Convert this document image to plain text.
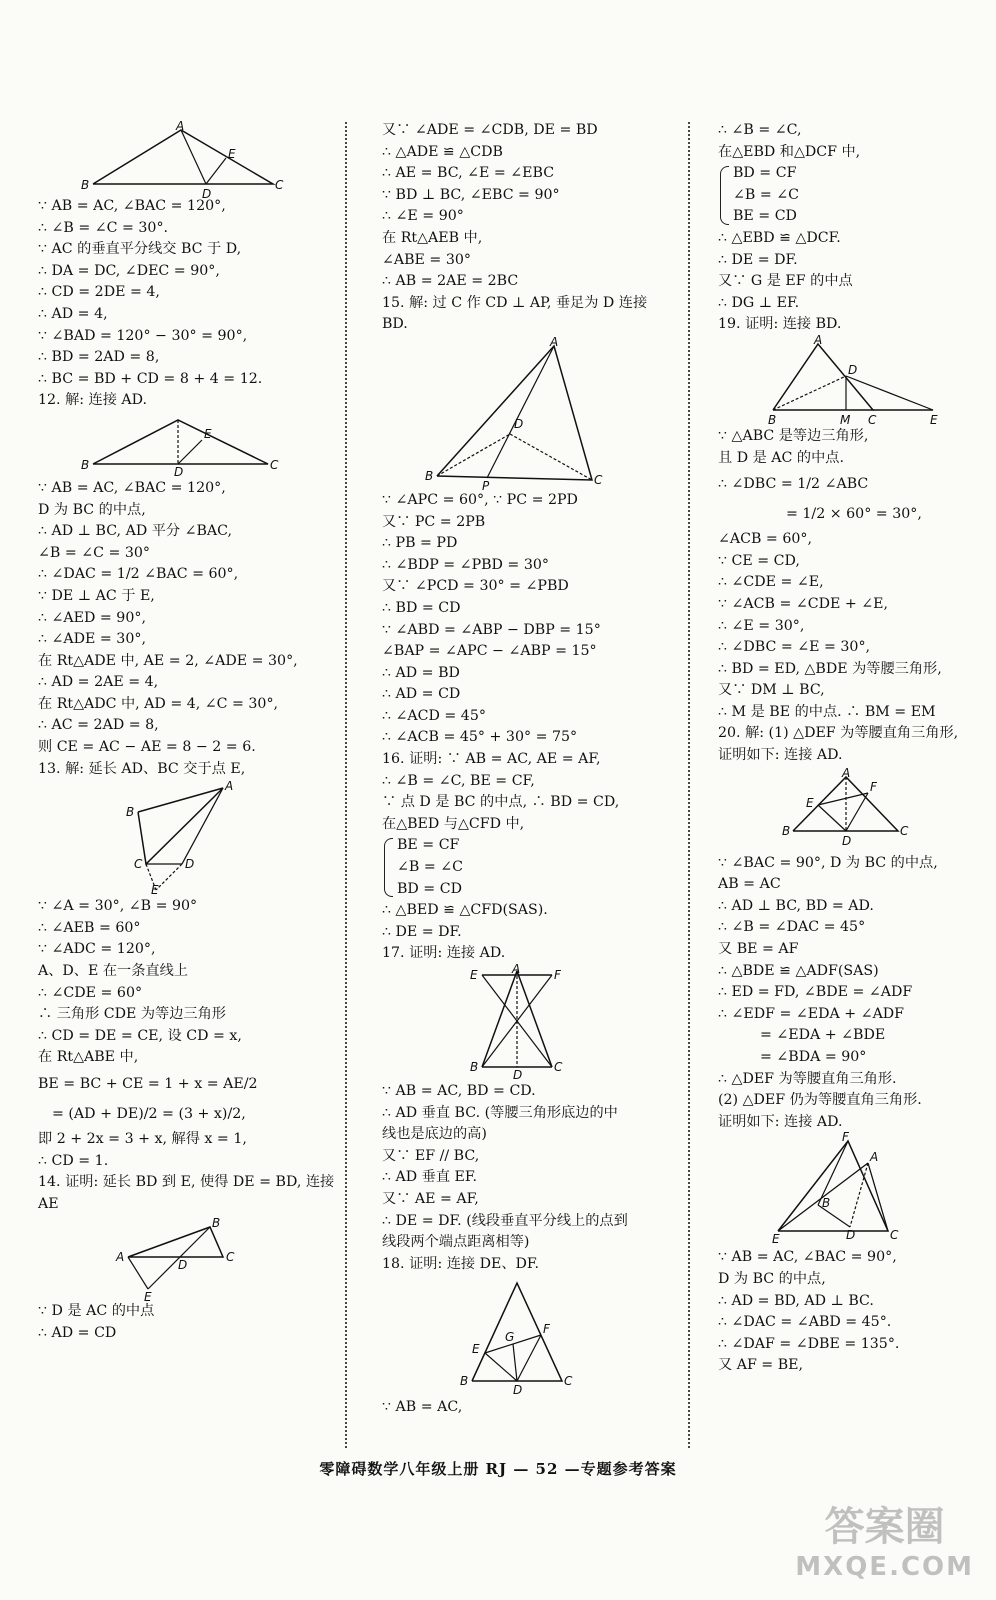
A
B	C
D
E
∵ AB = AC, ∠BAC = 120°,
∴ ∠B = ∠C = 30°.
∵ AC 的垂直平分线交 BC 于 D,
∴ DA = DC, ∠DEC = 90°,
∴ CD = 2DE = 4,
∴ AD = 4,
∵ ∠BAD = 120° − 30° = 90°,
∴ BD = 2AD = 8,
∴ BC = BD + CD = 8 + 4 = 12.
12. 解: 连接 AD.
B	C
D
E
∵ AB = AC, ∠BAC = 120°,
D 为 BC 的中点,
∴ AD ⊥ BC, AD 平分 ∠BAC,
∠B = ∠C = 30°
∴ ∠DAC = 1/2 ∠BAC = 60°,
∵ DE ⊥ AC 于 E,
∴ ∠AED = 90°,
∴ ∠ADE = 30°,
在 Rt△ADE 中, AE = 2, ∠ADE = 30°,
∴ AD = 2AE = 4,
在 Rt△ADC 中, AD = 4, ∠C = 30°,
∴ AC = 2AD = 8,
则 CE = AC − AE = 8 − 2 = 6.
13. 解: 延长 AD、BC 交于点 E,
A
B
C	D
E
∵ ∠A = 30°, ∠B = 90°
∴ ∠AEB = 60°
∵ ∠ADC = 120°,
A、D、E 在一条直线上
∴ ∠CDE = 60°
∴ 三角形 CDE 为等边三角形
∴ CD = DE = CE, 设 CD = x,
在 Rt△ABE 中,
BE = BC + CE = 1 + x = AE/2
= (AD + DE)/2 = (3 + x)/2,
即 2 + 2x = 3 + x, 解得 x = 1,
∴ CD = 1.
14. 证明: 延长 BD 到 E, 使得 DE = BD, 连接
AE
B
A	C
D
E
∵ D 是 AC 的中点
∴ AD = CD
又∵ ∠ADE = ∠CDB, DE = BD
∴ △ADE ≌ △CDB
∴ AE = BC, ∠E = ∠EBC
∵ BD ⊥ BC, ∠EBC = 90°
∴ ∠E = 90°
在 Rt△AEB 中,
∠ABE = 30°
∴ AB = 2AE = 2BC
15. 解: 过 C 作 CD ⊥ AP, 垂足为 D 连接
BD.
A
B	C
D
P
∵ ∠APC = 60°, ∵ PC = 2PD
又∵ PC = 2PB
∴ PB = PD
∴ ∠BDP = ∠PBD = 30°
又∵ ∠PCD = 30° = ∠PBD
∴ BD = CD
∵ ∠ABD = ∠ABP − DBP = 15°
∠BAP = ∠APC − ∠ABP = 15°
∴ AD = BD
∴ AD = CD
∴ ∠ACD = 45°
∴ ∠ACB = 45° + 30° = 75°
16. 证明: ∵ AB = AC, AE = AF,
∴ ∠B = ∠C, BE = CF,
∵ 点 D 是 BC 的中点, ∴ BD = CD,
在△BED 与△CFD 中,
BE = CF
∠B = ∠C
BD = CD
∴ △BED ≌ △CFD(SAS).
∴ DE = DF.
17. 证明: 连接 AD.
E	A	F
B
D
C
∵ AB = AC, BD = CD.
∴ AD 垂直 BC. (等腰三角形底边的中
线也是底边的高)
又∵ EF // BC,
∴ AD 垂直 EF.
又∵ AE = AF,
∴ DE = DF. (线段垂直平分线上的点到
线段两个端点距离相等)
18. 证明: 连接 DE、DF.
B	C
E
F
G
D
∵ AB = AC,
∴ ∠B = ∠C,
在△EBD 和△DCF 中,
BD = CF
∠B = ∠C
BE = CD
∴ △EBD ≌ △DCF.
∴ DE = DF.
又∵ G 是 EF 的中点
∴ DG ⊥ EF.
19. 证明: 连接 BD.
A
D
B	M C	E
∵ △ABC 是等边三角形,
且 D 是 AC 的中点.
∴ ∠DBC = 1/2 ∠ABC
= 1/2 × 60° = 30°,
∠ACB = 60°,
∵ CE = CD,
∴ ∠CDE = ∠E,
∵ ∠ACB = ∠CDE + ∠E,
∴ ∠E = 30°,
∴ ∠DBC = ∠E = 30°,
∴ BD = ED, △BDE 为等腰三角形,
又∵ DM ⊥ BC,
∴ M 是 BE 的中点. ∴ BM = EM
20. 解: (1) △DEF 为等腰直角三角形,
证明如下: 连接 AD.
A
B	C
D
E
F
∵ ∠BAC = 90°, D 为 BC 的中点,
AB = AC
∴ AD ⊥ BC, BD = AD.
∴ ∠B = ∠DAC = 45°
又 BE = AF
∴ △BDE ≌ △ADF(SAS)
∴ ED = FD, ∠BDE = ∠ADF
∴ ∠EDF = ∠EDA + ∠ADF
= ∠EDA + ∠BDE
= ∠BDA = 90°
∴ △DEF 为等腰直角三角形.
(2) △DEF 仍为等腰直角三角形.
证明如下: 连接 AD.
F
A
B
D
E	C
∵ AB = AC, ∠BAC = 90°,
D 为 BC 的中点,
∴ AD = BD, AD ⊥ BC.
∴ ∠DAC = ∠ABD = 45°.
∴ ∠DAF = ∠DBE = 135°.
又 AF = BE,
零障碍数学八年级上册 RJ — 52 —专题参考答案
答案圈
MXQE.COM
